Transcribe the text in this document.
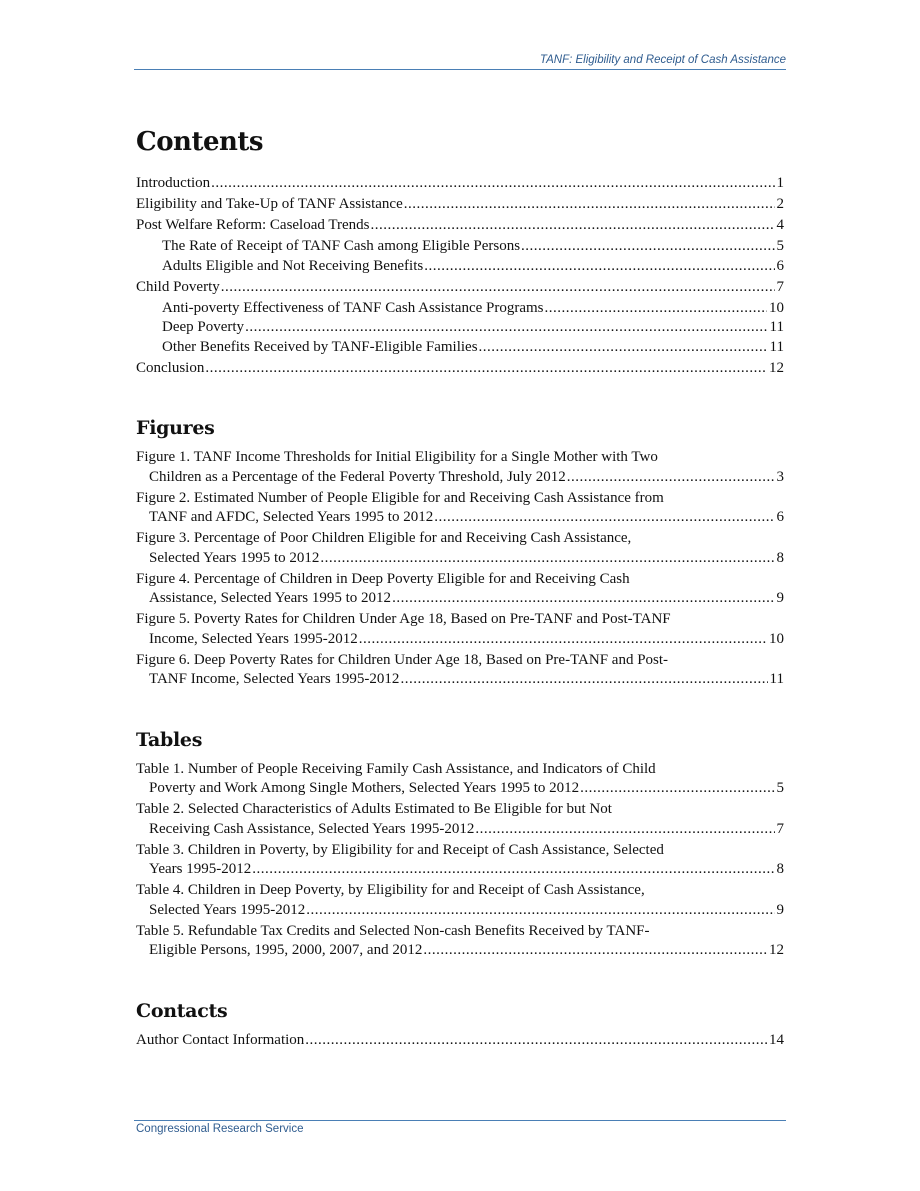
TANF: Eligibility and Receipt of Cash Assistance
Contents
Introduction .....	1
Eligibility and Take-Up of TANF Assistance .....	2
Post Welfare Reform: Caseload Trends .....	4
The Rate of Receipt of TANF Cash among Eligible Persons .....	5
Adults Eligible and Not Receiving Benefits .....	6
Child Poverty .....	7
Anti-poverty Effectiveness of TANF Cash Assistance Programs .....	10
Deep Poverty .....	11
Other Benefits Received by TANF-Eligible Families .....	11
Conclusion .....	12
Figures
Figure 1. TANF Income Thresholds for Initial Eligibility for a Single Mother with Two
Children as a Percentage of the Federal Poverty Threshold, July 2012 .....	3
Figure 2. Estimated Number of People Eligible for and Receiving Cash Assistance from
TANF and AFDC, Selected Years 1995 to 2012 .....	6
Figure 3. Percentage of Poor Children Eligible for and Receiving Cash Assistance,
Selected Years 1995 to 2012 .....	8
Figure 4. Percentage of Children in Deep Poverty Eligible for and Receiving Cash
Assistance, Selected Years 1995 to 2012 .....	9
Figure 5. Poverty Rates for Children Under Age 18, Based on Pre-TANF and Post-TANF
Income, Selected Years 1995-2012 .....	10
Figure 6. Deep Poverty Rates for Children Under Age 18, Based on Pre-TANF and Post-
TANF Income, Selected Years 1995-2012 .....	11
Tables
Table 1. Number of People Receiving Family Cash Assistance, and Indicators of Child
Poverty and Work Among Single Mothers, Selected Years 1995 to 2012 .....	5
Table 2. Selected Characteristics of Adults Estimated to Be Eligible for but Not
Receiving Cash Assistance, Selected Years 1995-2012 .....	7
Table 3. Children in Poverty, by Eligibility for and Receipt of Cash Assistance, Selected
Years 1995-2012 .....	8
Table 4. Children in Deep Poverty, by Eligibility for and Receipt of Cash Assistance,
Selected Years 1995-2012 .....	9
Table 5. Refundable Tax Credits and Selected Non-cash Benefits Received by TANF-
Eligible Persons, 1995, 2000, 2007, and 2012 .....	12
Contacts
Author Contact Information .....	14
Congressional Research Service
